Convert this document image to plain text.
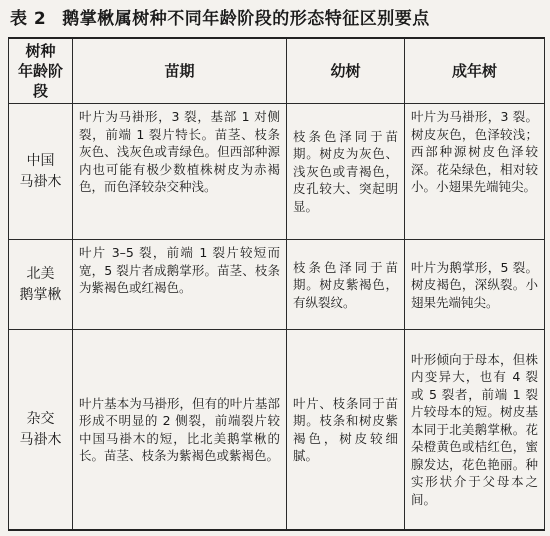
表 2 鹅掌楸属树种不同年龄阶段的形态特征区别要点
树种
年龄阶段	苗期	幼树	成年树

中国
马褂木	叶片为马褂形，3 裂，基部 1 对侧裂，前端 1 裂片特长。苗茎、枝条灰色、浅灰色或青绿色。但西部种源内也可能有极少数植株树皮为赤褐色，而色泽较杂交种浅。	枝条色泽同于苗期。树皮为灰色、浅灰色或青褐色，皮孔较大、突起明显。	叶片为马褂形，3 裂。树皮灰色，色泽较浅；西部种源树皮色泽较深。花朵绿色，相对较小。小翅果先端钝尖。

北美
鹅掌楸	叶片 3–5 裂，前端 1 裂片较短而宽，5 裂片者成鹅掌形。苗茎、枝条为紫褐色或红褐色。	枝条色泽同于苗期。树皮紫褐色，有纵裂纹。	叶片为鹅掌形，5 裂。树皮褐色，深纵裂。小翅果先端钝尖。

杂交
马褂木	叶片基本为马褂形，但有的叶片基部形成不明显的 2 侧裂，前端裂片较中国马褂木的短，比北美鹅掌楸的长。苗茎、枝条为紫褐色或紫褐色。	叶片、枝条同于苗期。枝条和树皮紫褐色，树皮较细腻。	叶形倾向于母本，但株内变异大，也有 4 裂或 5 裂者，前端 1 裂片较母本的短。树皮基本同于北美鹅掌楸。花朵橙黄色或桔红色，蜜腺发达，花色艳丽。种实形状介于父母本之间。
